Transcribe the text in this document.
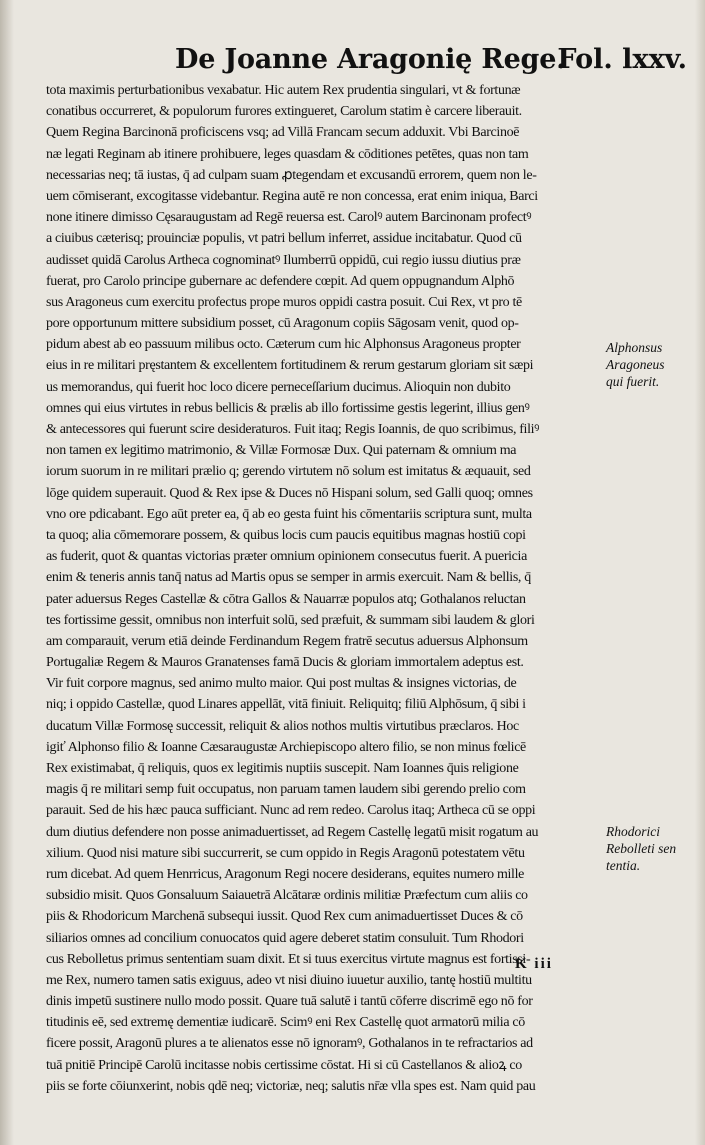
De Joanne Aragonię Rege.
Fol. lxxv.
tota maximis perturbationibus vexabatur. Hic autem Rex prudentia singulari, vt & fortunæ
conatibus occurreret, & populorum furores extingueret, Carolum statim è carcere liberauit.
Quem Regina Barcinonā proficiscens vsq; ad Villā Francam secum adduxit. Vbi Barcinoē
næ legati Reginam ab itinere prohibuere, leges quasdam & cōditiones petētes, quas non tam
necessarias neq; tā iustas, q̄ ad culpam suam ꝓtegendam et excusandū errorem, quem non le-
uem cōmiserant, excogitasse videbantur. Regina autē re non concessa, erat enim iniqua, Barci
none itinere dimisso Cęsaraugustam ad Regē reuersa est. Carolꝰ autem Barcinonam profectꝰ
a ciuibus cæterisq; prouinciæ populis, vt patri bellum inferret, assidue incitabatur. Quod cū
audisset quidā Carolus Artheca cognominatꝰ Ilumberrū oppidū, cui regio iussu diutius præ
fuerat, pro Carolo principe gubernare ac defendere cœpit. Ad quem oppugnandum Alphō
sus Aragoneus cum exercitu profectus prope muros oppidi castra posuit. Cui Rex, vt pro tē
pore opportunum mittere subsidium posset, cū Aragonum copiis Sāgosam venit, quod op-
pidum abest ab eo passuum milibus octo. Cæterum cum hic Alphonsus Aragoneus propter
eius in re militari pręstantem & excellentem fortitudinem & rerum gestarum gloriam sit sæpi
us memorandus, qui fuerit hoc loco dicere perneceſſarium ducimus. Alioquin non dubito
omnes qui eius virtutes in rebus bellicis & prælis ab illo fortissime gestis legerint, illius genꝰ
& antecessores qui fuerunt scire desideraturos. Fuit itaq; Regis Ioannis, de quo scribimus, filiꝰ
non tamen ex legitimo matrimonio, & Villæ Formosæ Dux. Qui paternam & omnium ma
iorum suorum in re militari prælio q; gerendo virtutem nō solum est imitatus & æquauit, sed
lōge quidem superauit. Quod & Rex ipse & Duces nō Hispani solum, sed Galli quoq; omnes
vno ore pdicabant. Ego aūt preter ea, q̄ ab eo gesta fuint his cōmentariis scriptura sunt, multa
ta quoq; alia cōmemorare possem, & quibus locis cum paucis equitibus magnas hostiū copi
as fuderit, quot & quantas victorias præter omnium opinionem consecutus fuerit. A puericia
enim & teneris annis tanq̄ natus ad Martis opus se semper in armis exercuit. Nam & bellis, q̄
pater aduersus Reges Castellæ & cōtra Gallos & Nauarræ populos atq; Gothalanos reluctan
tes fortissime gessit, omnibus non interfuit solū, sed præfuit, & summam sibi laudem & glori
am comparauit, verum etiā deinde Ferdinandum Regem fratrē secutus aduersus Alphonsum
Portugaliæ Regem & Mauros Granatenses famā Ducis & gloriam immortalem adeptus est.
Vir fuit corpore magnus, sed animo multo maior. Qui post multas & insignes victorias, de
niq; i oppido Castellæ, quod Linares appellāt, vitā finiuit. Reliquitq; filiū Alphōsum, q̄ sibi i
ducatum Villæ Formosę successit, reliquit & alios nothos multis virtutibus præclaros. Hoc
igiť Alphonso filio & Ioanne Cæsaraugustæ Archiepiscopo altero filio, se non minus fœlicē
Rex existimabat, q̄ reliquis, quos ex legitimis nuptiis suscepit. Nam Ioannes q̄uis religione
magis q̄ re militari semp fuit occupatus, non paruam tamen laudem sibi gerendo prelio com
parauit. Sed de his hæc pauca sufficiant. Nunc ad rem redeo. Carolus itaq; Artheca cū se oppi
dum diutius defendere non posse animaduertisset, ad Regem Castellę legatū misit rogatum au
xilium. Quod nisi mature sibi succurrerit, se cum oppido in Regis Aragonū potestatem vētu
rum dicebat. Ad quem Henrricus, Aragonum Regi nocere desiderans, equites numero mille
subsidio misit. Quos Gonsaluum Saiauetrā Alcātaræ ordinis militiæ Præfectum cum aliis co
piis & Rhodoricum Marchenā subsequi iussit. Quod Rex cum animaduertisset Duces & cō
siliarios omnes ad concilium conuocatos quid agere deberet statim consuluit. Tum Rhodori
cus Rebolletus primus sententiam suam dixit. Et si tuus exercitus virtute magnus est fortissi-
me Rex, numero tamen satis exiguus, adeo vt nisi diuino iuuetur auxilio, tantę hostiū multitu
dinis impetū sustinere nullo modo possit. Quare tuā salutē i tantū cōferre discrimē ego nō for
titudinis eē, sed extremę dementiæ iudicarē. Scimꝰ eni Rex Castellę quot armatorū milia cō
ficere possit, Aragonū plures a te alienatos esse nō ignoramꝰ, Gothalanos in te refractarios ad
tuā pnitiē Principē Carolū incitasse nobis certissime cōstat. Hi si cū Castellanos & alioꝝ co
piis se forte cōiunxerint, nobis qdē neq; victoriæ, neq; salutis nr̄æ vlla spes est. Nam quid pau
Alphonsus
Aragoneus
qui fuerit.
Rhodorici
Rebolleti sen
tentia.
K iii
